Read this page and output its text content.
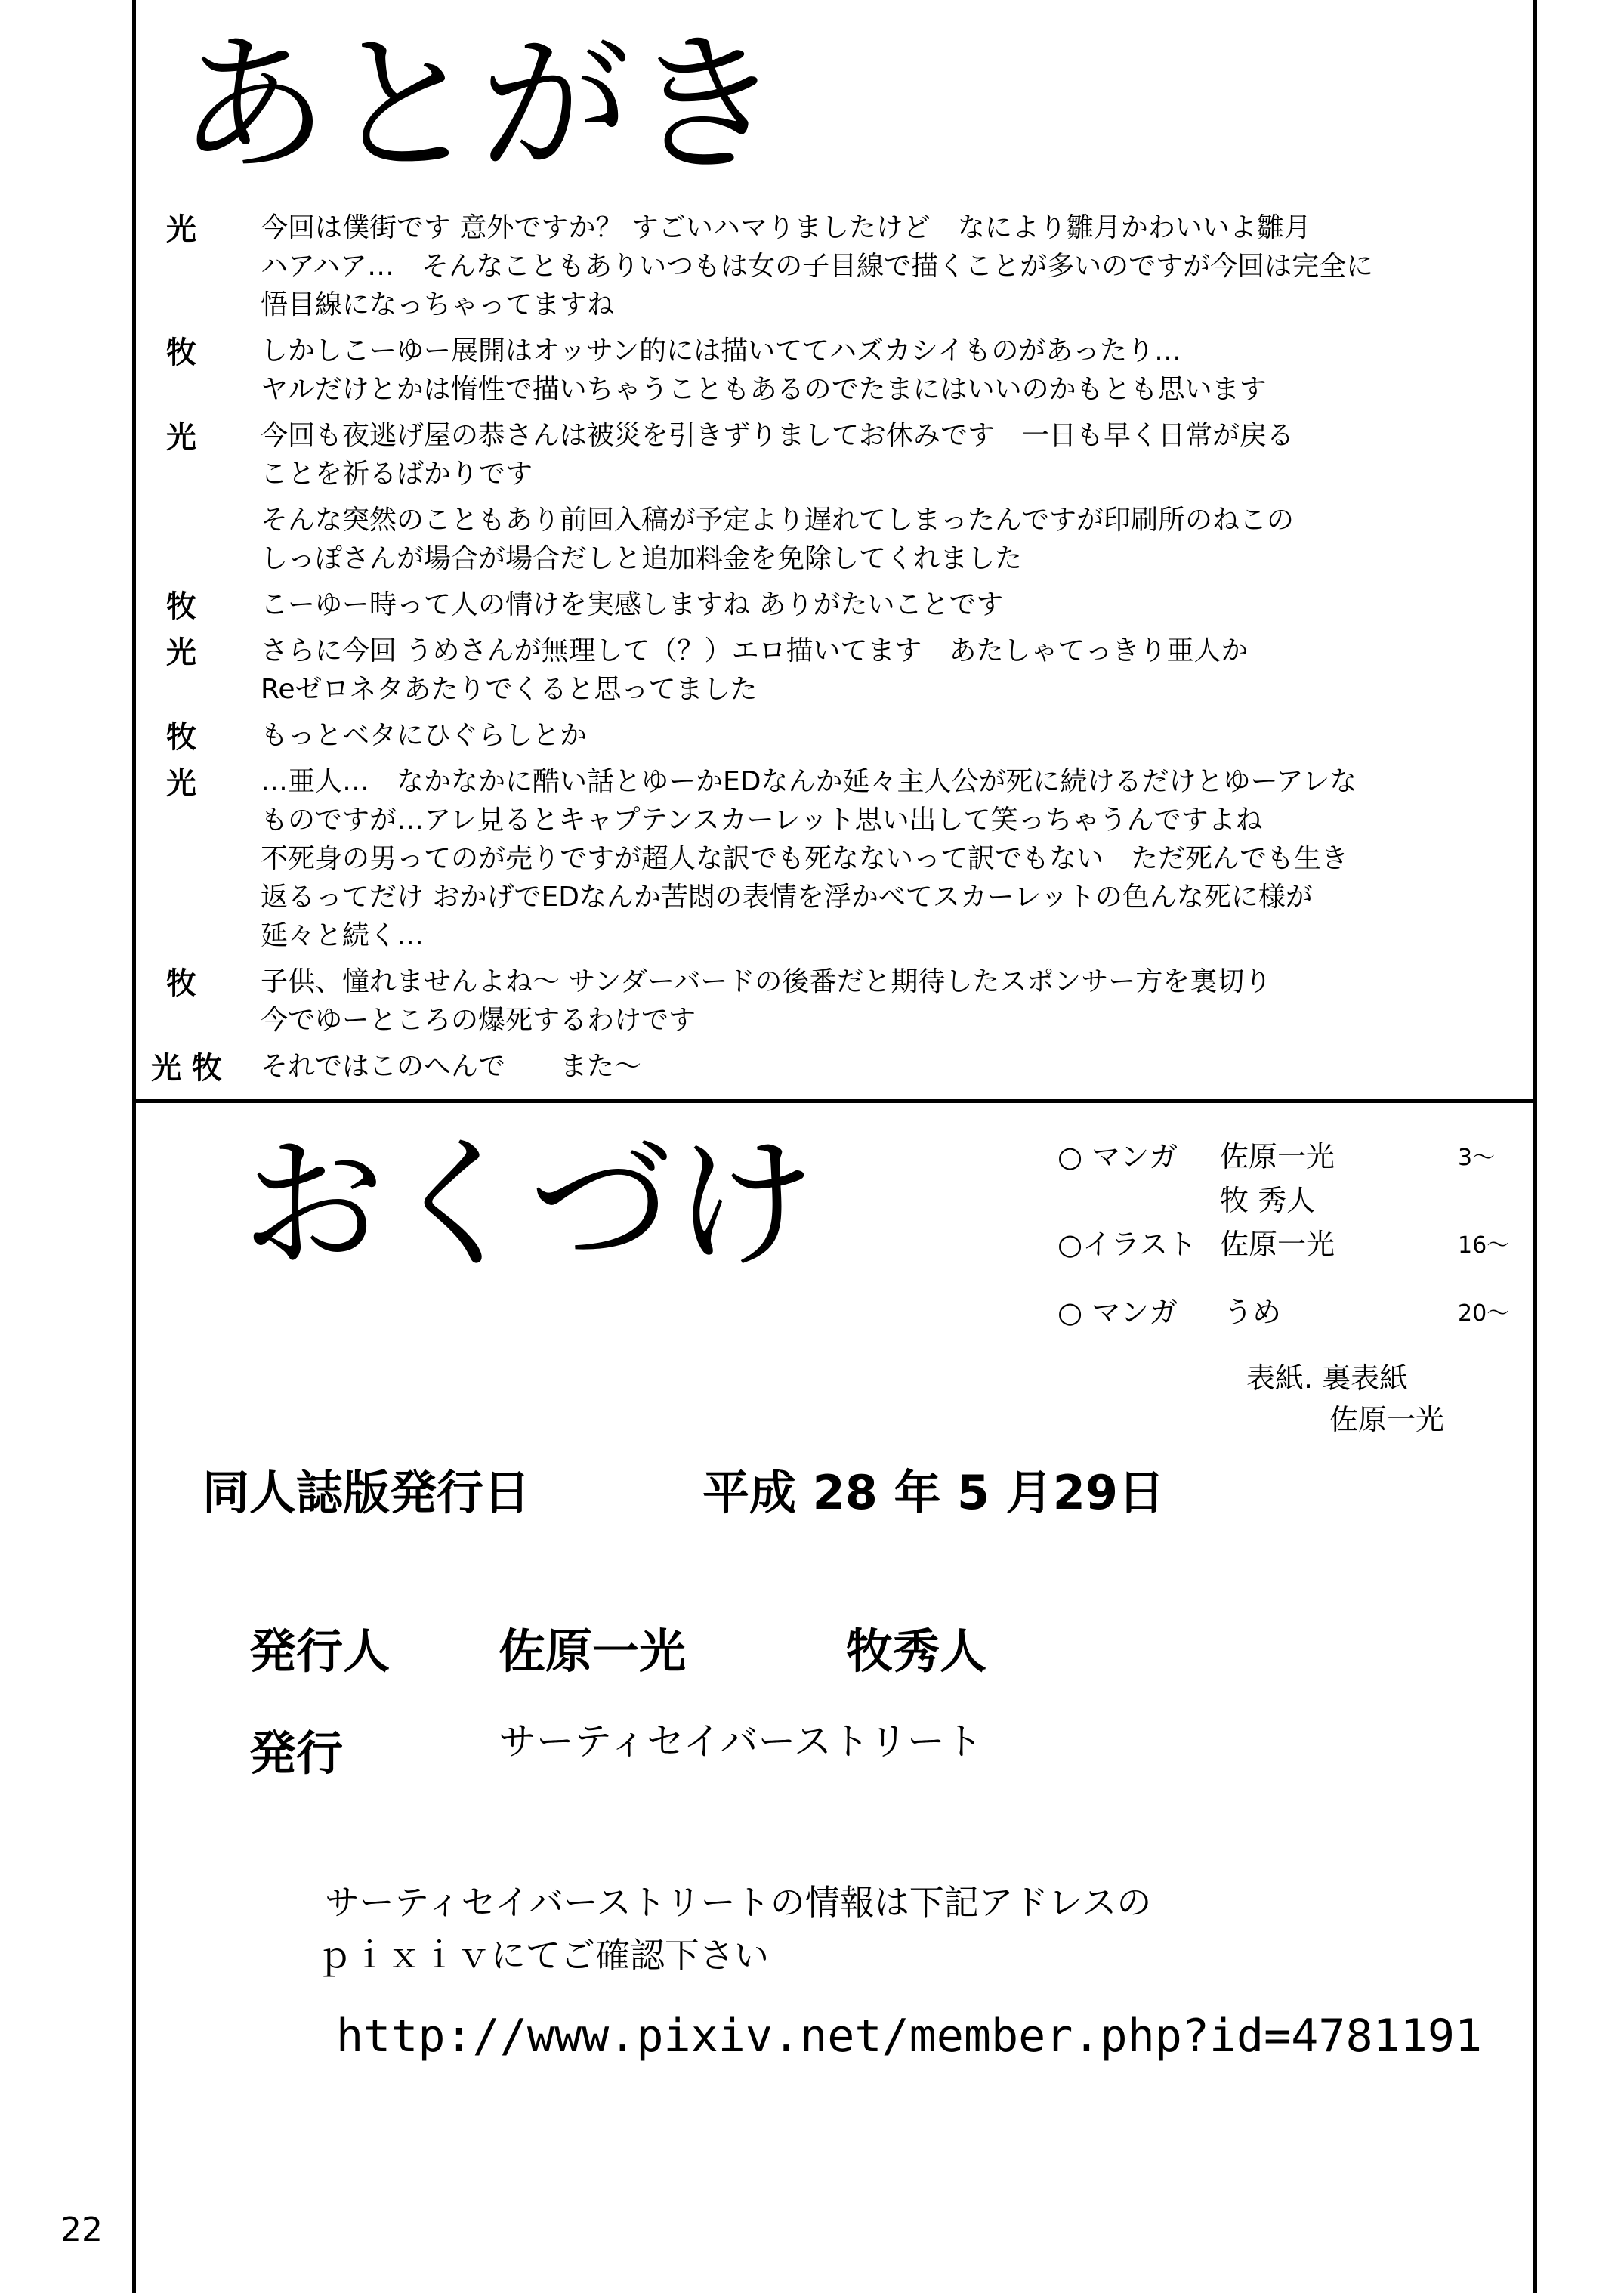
あとがき
光 今回は僕街です 意外ですか？ すごいハマりましたけど　なにより雛月かわいいよ雛月
ハアハア…　そんなこともありいつもは女の子目線で描くことが多いのですが今回は完全に
悟目線になっちゃってますね
牧 しかしこーゆー展開はオッサン的には描いててハズカシイものがあったり…
ヤルだけとかは惰性で描いちゃうこともあるのでたまにはいいのかもとも思います
光 今回も夜逃げ屋の恭さんは被災を引きずりましてお休みです　一日も早く日常が戻る
ことを祈るばかりです
そんな突然のこともあり前回入稿が予定より遅れてしまったんですが印刷所のねこの
しっぽさんが場合が場合だしと追加料金を免除してくれました
牧 こーゆー時って人の情けを実感しますね ありがたいことです
光 さらに今回 うめさんが無理して（？）エロ描いてます　あたしゃてっきり亜人か
Reゼロネタあたりでくると思ってました
牧 もっとベタにひぐらしとか
光 …亜人…　なかなかに酷い話とゆーかEDなんか延々主人公が死に続けるだけとゆーアレな
ものですが…アレ見るとキャプテンスカーレット思い出して笑っちゃうんですよね
不死身の男ってのが売りですが超人な訳でも死なないって訳でもない　ただ死んでも生き
返るってだけ おかげでEDなんか苦悶の表情を浮かべてスカーレットの色んな死に様が
延々と続く…
牧 子供、憧れませんよね～ サンダーバードの後番だと期待したスポンサー方を裏切り
今でゆーところの爆死するわけです
光 牧 それではこのへんで　　また～
おくづけ	○ マンガ 佐原一光	3～
牧 秀人
○イラスト 佐原一光	16～
○ マンガ うめ	20～
表紙. 裏表紙
佐原一光
同人誌版発行日	平成 28 年 5 月29日
発行人 佐原一光	牧秀人
発行	サーティセイバーストリート
サーティセイバーストリートの情報は下記アドレスの
ｐｉｘｉｖにてご確認下さい
http://www.pixiv.net/member.php?id=4781191
22
